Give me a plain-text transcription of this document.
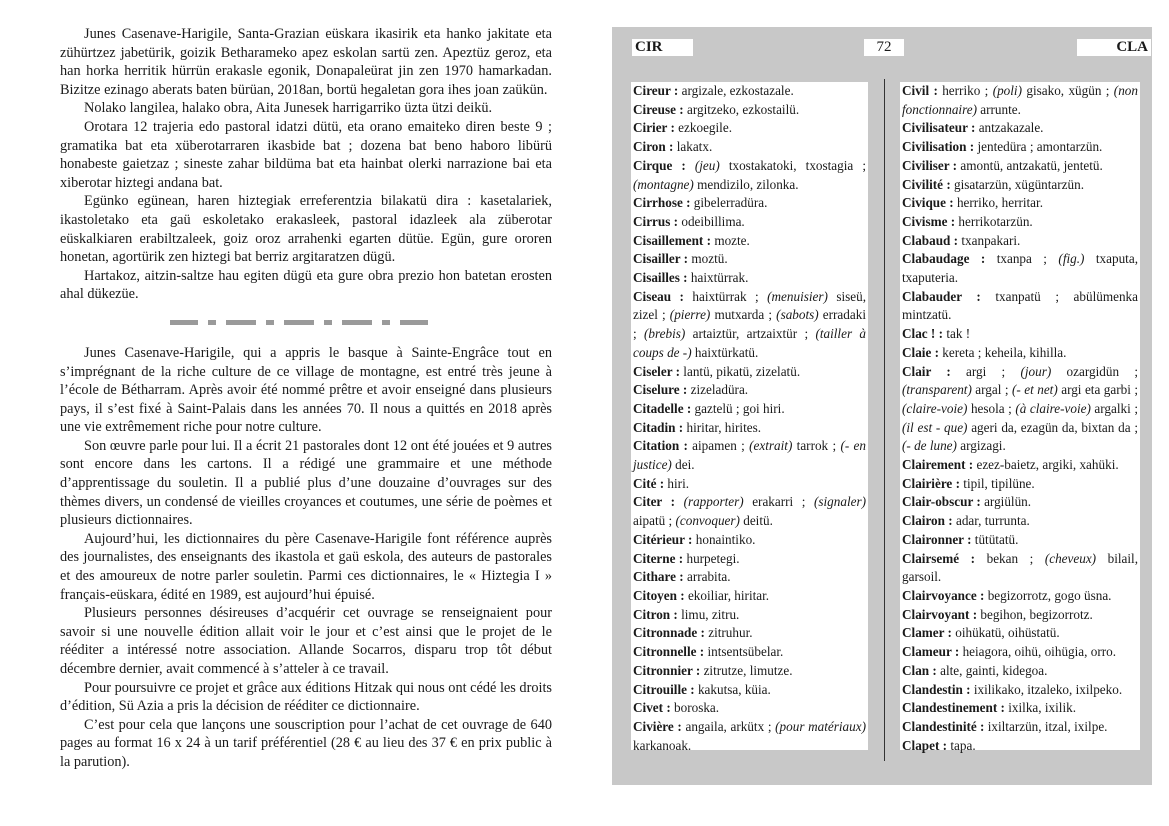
Junes Casenave-Harigile, Santa-Grazian eüskara ikasirik eta hanko jakitate eta zühürtzez jabetürik, goizik Betharameko apez eskolan sartü zen. Apeztüz geroz, eta han horka herritik hürrün erakasle egonik, Donapaleürat jin zen 1970 hamarkadan. Bizitze ezinago aberats baten bürüan, 2018an, bortü hegaletan gora ihes joan zaükün.

Nolako langilea, halako obra, Aita Junesek harrigarriko üzta ützi deikü.

Orotara 12 trajeria edo pastoral idatzi dütü, eta orano emaiteko diren beste 9 ; gramatika bat eta xüberotarraren ikasbide bat ; dozena bat beno haboro libürü honabeste gaietzaz ; sineste zahar bildüma bat eta hainbat olerki narrazione bai eta xiberotar hiztegi andana bat.

Egünko egünean, haren hiztegiak erreferentzia bilakatü dira : kasetalariek, ikastoletako eta gaü eskoletako erakasleek, pastoral idazleek ala züberotar eüskalkiaren erabiltzaleek, goiz oroz arrahenki egarten dütüe. Egün, gure ororen honetan, agortürik zen hiztegi bat berriz argitaratzen dügü.

Hartakoz, aitzin-saltze hau egiten dügü eta gure obra prezio hon batetan erosten ahal dükezüe.

Junes Casenave-Harigile, qui a appris le basque à Sainte-Engrâce tout en s’imprégnant de la riche culture de ce village de montagne, est entré très jeune à l’école de Bétharram. Après avoir été nommé prêtre et avoir enseigné dans plusieurs pays, il s’est fixé à Saint-Palais dans les années 70. Il nous a quittés en 2018 après une vie extrêmement riche pour notre culture.

Son œuvre parle pour lui. Il a écrit 21 pastorales dont 12 ont été jouées et 9 autres sont encore dans les cartons. Il a rédigé une grammaire et une méthode d’apprentissage du souletin. Il a publié plus d’une douzaine d’ouvrages sur des thèmes divers, un condensé de vieilles croyances et coutumes, une série de poèmes et plusieurs dictionnaires.

Aujourd’hui, les dictionnaires du père Casenave-Harigile font référence auprès des journalistes, des enseignants des ikastola et gaü eskola, des auteurs de pastorales et des amoureux de notre parler souletin. Parmi ces dictionnaires, le « Hiztegia I » français-eüskara, édité en 1989, est aujourd’hui épuisé.

Plusieurs personnes désireuses d’acquérir cet ouvrage se renseignaient pour savoir si une nouvelle édition allait voir le jour et c’est ainsi que le projet de le rééditer a intéressé notre association. Allande Socarros, disparu trop tôt début décembre dernier, avait commencé à s’atteler à ce travail.

Pour poursuivre ce projet et grâce aux éditions Hitzak qui nous ont cédé les droits d’édition, Sü Azia a pris la décision de rééditer ce dictionnaire.

C’est pour cela que lançons une souscription pour l’achat de cet ouvrage de 640 pages au format 16 x 24 à un tarif préférentiel (28 € au lieu des 37 € en prix public à la parution).

CIR	72	CLA

Cireur : argizale, ezkostazale.

Cireuse : argitzeko, ezkostailü.

Cirier : ezkoegile.

Ciron : lakatx.

Cirque : (jeu) txostakatoki, txostagia ; (montagne) mendizilo, zilonka.

Cirrhose : gibelerradüra.

Cirrus : odeibillima.

Cisaillement : mozte.

Cisailler : moztü.

Cisailles : haixtürrak.

Ciseau : haixtürrak ; (menuisier) siseü, zizel ; (pierre) mutxarda ; (sabots) erradaki ; (brebis) artaiztür, artzaixtür ; (tailler à coups de -) haixtürkatü.

Ciseler : lantü, pikatü, zizelatü.

Ciselure : zizeladüra.

Citadelle : gaztelü ; goi hiri.

Citadin : hiritar, hirites.

Citation : aipamen ; (extrait) tarrok ; (- en justice) dei.

Cité : hiri.

Citer : (rapporter) erakarri ; (signaler) aipatü ; (convoquer) deitü.

Citérieur : honaintiko.

Citerne : hurpetegi.

Cithare : arrabita.

Citoyen : ekoiliar, hiritar.

Citron : limu, zitru.

Citronnade : zitruhur.

Citronnelle : intsentsübelar.

Citronnier : zitrutze, limutze.

Citrouille : kakutsa, küia.

Civet : boroska.

Civière : angaila, arkütx ; (pour matériaux) karkanoak.

Civil : herriko ; (poli) gisako, xügün ; (non fonctionnaire) arrunte.

Civilisateur : antzakazale.

Civilisation : jentedüra ; amontarzün.

Civiliser : amontü, antzakatü, jentetü.

Civilité : gisatarzün, xügüntarzün.

Civique : herriko, herritar.

Civisme : herrikotarzün.

Clabaud : txanpakari.

Clabaudage : txanpa ; (fig.) txaputa, txaputeria.

Clabauder : txanpatü ; abülümenka mintzatü.

Clac ! : tak !

Claie : kereta ; keheila, kihilla.

Clair : argi ; (jour) ozargidün ; (transparent) argal ; (- et net) argi eta garbi ; (claire-voie) hesola ; (à claire-voie) argalki ; (il est - que) ageri da, ezagün da, bixtan da ; (- de lune) argizagi.

Clairement : ezez-baietz, argiki, xahüki.

Clairière : tipil, tipilüne.

Clair-obscur : argiülün.

Clairon : adar, turrunta.

Claironner : tütütatü.

Clairsemé : bekan ; (cheveux) bilail, garsoil.

Clairvoyance : begizorrotz, gogo üsna.

Clairvoyant : begihon, begizorrotz.

Clamer : oihükatü, oihüstatü.

Clameur : heiagora, oihü, oihügia, orro.

Clan : alte, gainti, kidegoa.

Clandestin : ixilikako, itzaleko, ixilpeko.

Clandestinement : ixilka, ixilik.

Clandestinité : ixiltarzün, itzal, ixilpe.

Clapet : tapa.
